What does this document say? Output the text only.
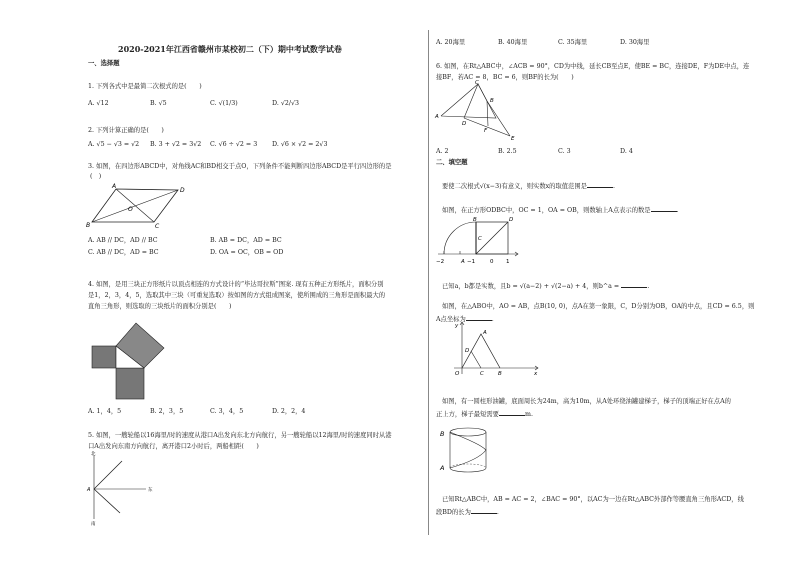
2020-2021年江西省赣州市某校初二（下）期中考试数学试卷
一、选择题
1. 下列各式中是最简二次根式的是(　　)
A. √12	B. √5	C. √(1/3)	D. √2/√3
2. 下列计算正确的是(　　)
A. √5 − √3 = √2 B. 3 + √2 = 3√2 C. √6 ÷ √2 = 3 D. √6 × √2 = 2√3
3. 如图，在四边形ABCD中，对角线AC和BD相交于点O，下列条件不能判断四边形ABCD是平行四边形的是
(　)
A
D
B	C
O
A. AB // DC，AD // BC	B. AB = DC，AD = BC
C. AB // DC，AD = BC	D. OA = OC，OB = OD
4. 如图，是用三块正方形纸片以顶点相连的方式设计的“毕达哥拉斯”图案. 现有五种正方形纸片，面积分别
是1，2，3，4，5，选取其中三块（可重复选取）按如图的方式组成图案，使所围成的三角形是面积最大的
直角三角形，则选取的三块纸片的面积分别是(　　)
A. 1，4，5	B. 2，3，5	C. 3，4，5	D. 2，2，4
5. 如图，一艘轮船以16海里/时的速度从港口A出发向东北方向航行，另一艘轮船以12海里/时的速度同时从港
口A出发向东南方向航行，离开港口2小时后，两船相距(　　)
北
东
南
A
A. 20海里	B. 40海里	C. 35海里	D. 30海里
6. 如图，在Rt△ABC中，∠ACB = 90°，CD为中线，延长CB至点E，使BE = BC，连接DE，F为DE中点，连
接BF，若AC = 8，BC = 6，则BF的长为(　　)
C
A
B
D
F
E
A. 2	B. 2.5	C. 3	D. 4
二、填空题
要使二次根式√(x−3)有意义，则实数x的取值范围是	.
如图，在正方形ODBC中，OC = 1，OA = OB，则数轴上A点表示的数是	.
B	D
C
A
−2	−1	0 1
已知a，b都是实数，且b = √(a−2) + √(2−a) + 4，则b^a =	.
如图，在△ABO中，AO = AB，点B(10, 0)，点A在第一象限，C，D分别为OB，OA的中点，且CD = 6.5，则
A点坐标为	.
y
A
D
O	C	B	x
如图，有一圆柱形油罐，底面周长为24m，高为10m，从A处环绕油罐建梯子，梯子的顶端正好在点A的
正上方，梯子最短需要	m.
B
A
已知Rt△ABC中，AB = AC = 2，∠BAC = 90°，以AC为一边在Rt△ABC外部作等腰直角三角形ACD，线
段BD的长为	.
